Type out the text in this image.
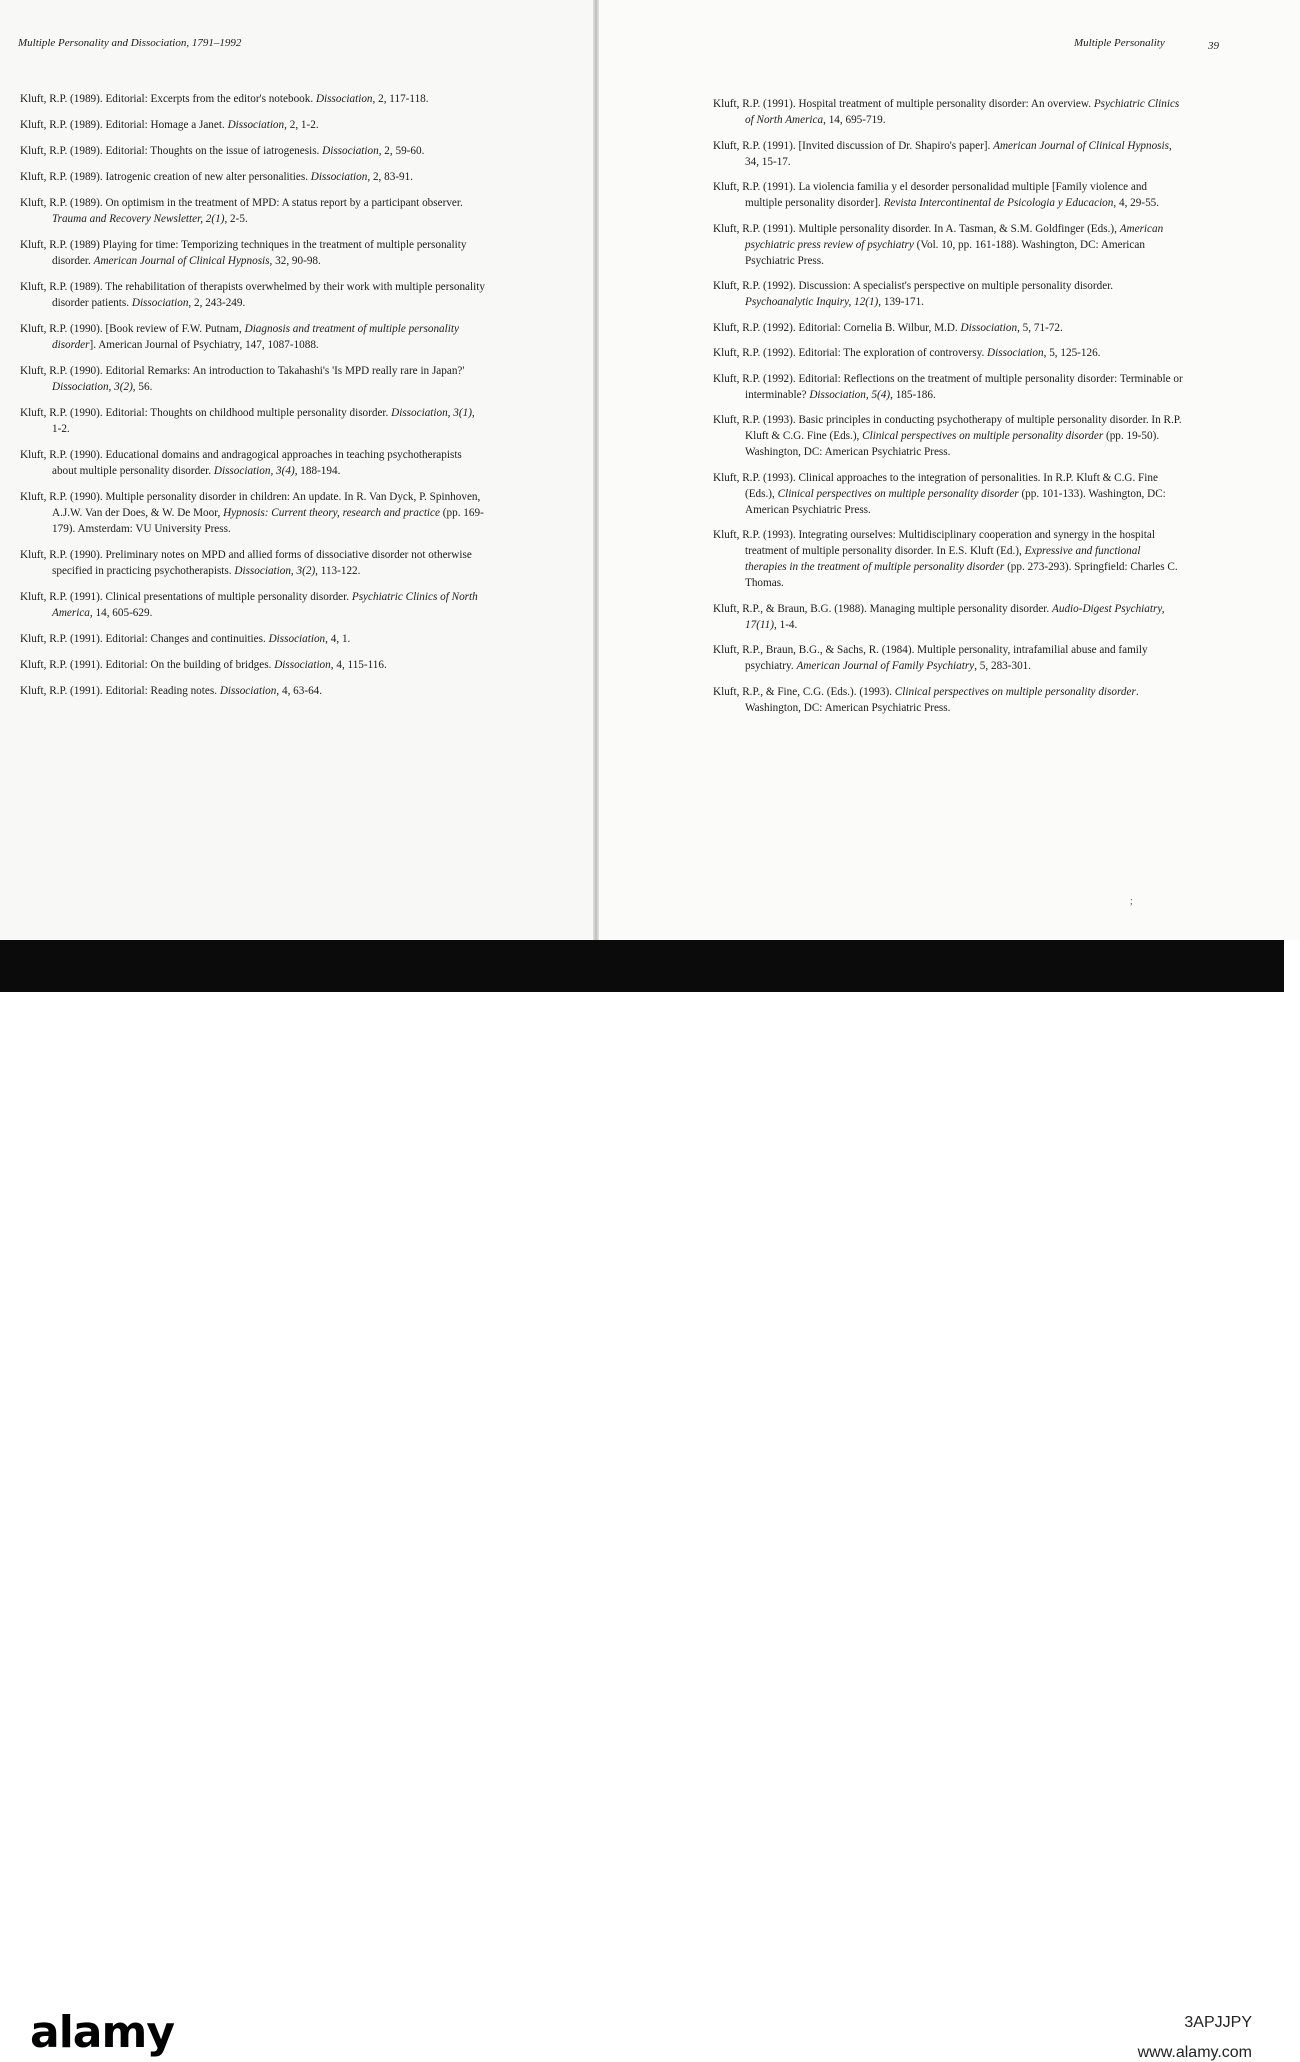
Multiple Personality and Dissociation, 1791–1992
Kluft, R.P. (1989). Editorial: Excerpts from the editor's notebook. Dissociation, 2, 117-118.
Kluft, R.P. (1989). Editorial: Homage a Janet. Dissociation, 2, 1-2.
Kluft, R.P. (1989). Editorial: Thoughts on the issue of iatrogenesis. Dissociation, 2, 59-60.
Kluft, R.P. (1989). Iatrogenic creation of new alter personalities. Dissociation, 2, 83-91.
Kluft, R.P. (1989). On optimism in the treatment of MPD: A status report by a participant observer. Trauma and Recovery Newsletter, 2(1), 2-5.
Kluft, R.P. (1989) Playing for time: Temporizing techniques in the treatment of multiple personality disorder. American Journal of Clinical Hypnosis, 32, 90-98.
Kluft, R.P. (1989). The rehabilitation of therapists overwhelmed by their work with multiple personality disorder patients. Dissociation, 2, 243-249.
Kluft, R.P. (1990). [Book review of F.W. Putnam, Diagnosis and treatment of multiple personality disorder]. American Journal of Psychiatry, 147, 1087-1088.
Kluft, R.P. (1990). Editorial Remarks: An introduction to Takahashi's 'Is MPD really rare in Japan?' Dissociation, 3(2), 56.
Kluft, R.P. (1990). Editorial: Thoughts on childhood multiple personality disorder. Dissociation, 3(1), 1-2.
Kluft, R.P. (1990). Educational domains and andragogical approaches in teaching psychotherapists about multiple personality disorder. Dissociation, 3(4), 188-194.
Kluft, R.P. (1990). Multiple personality disorder in children: An update. In R. Van Dyck, P. Spinhoven, A.J.W. Van der Does, & W. De Moor, Hypnosis: Current theory, research and practice (pp. 169- 179). Amsterdam: VU University Press.
Kluft, R.P. (1990). Preliminary notes on MPD and allied forms of dissociative disorder not otherwise specified in practicing psychotherapists. Dissociation, 3(2), 113-122.
Kluft, R.P. (1991). Clinical presentations of multiple personality disorder. Psychiatric Clinics of North America, 14, 605-629.
Kluft, R.P. (1991). Editorial: Changes and continuities. Dissociation, 4, 1.
Kluft, R.P. (1991). Editorial: On the building of bridges. Dissociation, 4, 115-116.
Kluft, R.P. (1991). Editorial: Reading notes. Dissociation, 4, 63-64.
Multiple Personality	39
Kluft, R.P. (1991). Hospital treatment of multiple personality disorder: An overview. Psychiatric Clinics of North America, 14, 695-719.
Kluft, R.P. (1991). [Invited discussion of Dr. Shapiro's paper]. American Journal of Clinical Hypnosis, 34, 15-17.
Kluft, R.P. (1991). La violencia familia y el desorder personalidad multiple [Family violence and multiple personality disorder]. Revista Intercontinental de Psicologia y Educacion, 4, 29-55.
Kluft, R.P. (1991). Multiple personality disorder. In A. Tasman, & S.M. Goldfinger (Eds.), American psychiatric press review of psychiatry (Vol. 10, pp. 161-188). Washington, DC: American Psychiatric Press.
Kluft, R.P. (1992). Discussion: A specialist's perspective on multiple personality disorder. Psychoanalytic Inquiry, 12(1), 139-171.
Kluft, R.P. (1992). Editorial: Cornelia B. Wilbur, M.D. Dissociation, 5, 71-72.
Kluft, R.P. (1992). Editorial: The exploration of controversy. Dissociation, 5, 125-126.
Kluft, R.P. (1992). Editorial: Reflections on the treatment of multiple personality disorder: Terminable or interminable? Dissociation, 5(4), 185-186.
Kluft, R.P. (1993). Basic principles in conducting psychotherapy of multiple personality disorder. In R.P. Kluft & C.G. Fine (Eds.), Clinical perspectives on multiple personality disorder (pp. 19-50). Washington, DC: American Psychiatric Press.
Kluft, R.P. (1993). Clinical approaches to the integration of personalities. In R.P. Kluft & C.G. Fine (Eds.), Clinical perspectives on multiple personality disorder (pp. 101-133). Washington, DC: American Psychiatric Press.
Kluft, R.P. (1993). Integrating ourselves: Multidisciplinary cooperation and synergy in the hospital treatment of multiple personality disorder. In E.S. Kluft (Ed.), Expressive and functional therapies in the treatment of multiple personality disorder (pp. 273-293). Springfield: Charles C. Thomas.
Kluft, R.P., & Braun, B.G. (1988). Managing multiple personality disorder. Audio-Digest Psychiatry, 17(11), 1-4.
Kluft, R.P., Braun, B.G., & Sachs, R. (1984). Multiple personality, intrafamilial abuse and family psychiatry. American Journal of Family Psychiatry, 5, 283-301.
Kluft, R.P., & Fine, C.G. (Eds.). (1993). Clinical perspectives on multiple personality disorder. Washington, DC: American Psychiatric Press.
;
alamy	3APJJPY
www.alamy.com
